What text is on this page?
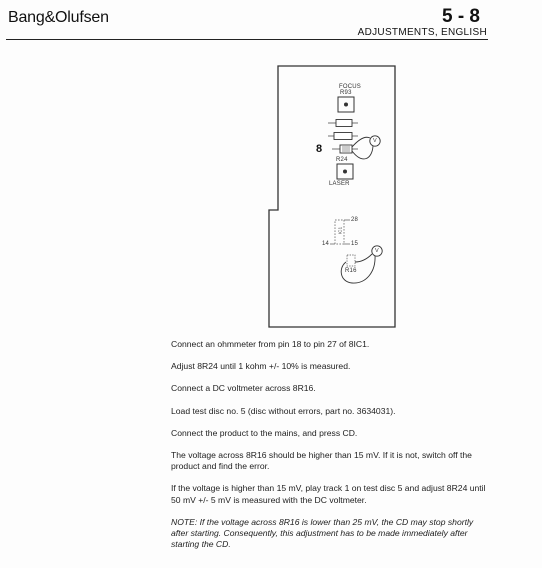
Bang&Olufsen	5 - 8
ADJUSTMENTS, ENGLISH
FOCUS
R93
8
R24
LASER
28
14	15
IC1
R16
V
V

Connect an ohmmeter from pin 18 to pin 27 of 8IC1.

Adjust 8R24 until 1 kohm +/- 10% is measured.

Connect a DC voltmeter across 8R16.

Load test disc no. 5 (disc without errors, part no. 3634031).

Connect the product to the mains, and press CD.

The voltage across 8R16 should be higher than 15 mV. If it is not, switch off the product and find the error.

If the voltage is higher than 15 mV, play track 1 on test disc 5 and adjust 8R24 until 50 mV +/- 5 mV is measured with the DC voltmeter.

NOTE: If the voltage across 8R16 is lower than 25 mV, the CD may stop shortly after starting. Consequently, this adjustment has to be made immediately after starting the CD.
